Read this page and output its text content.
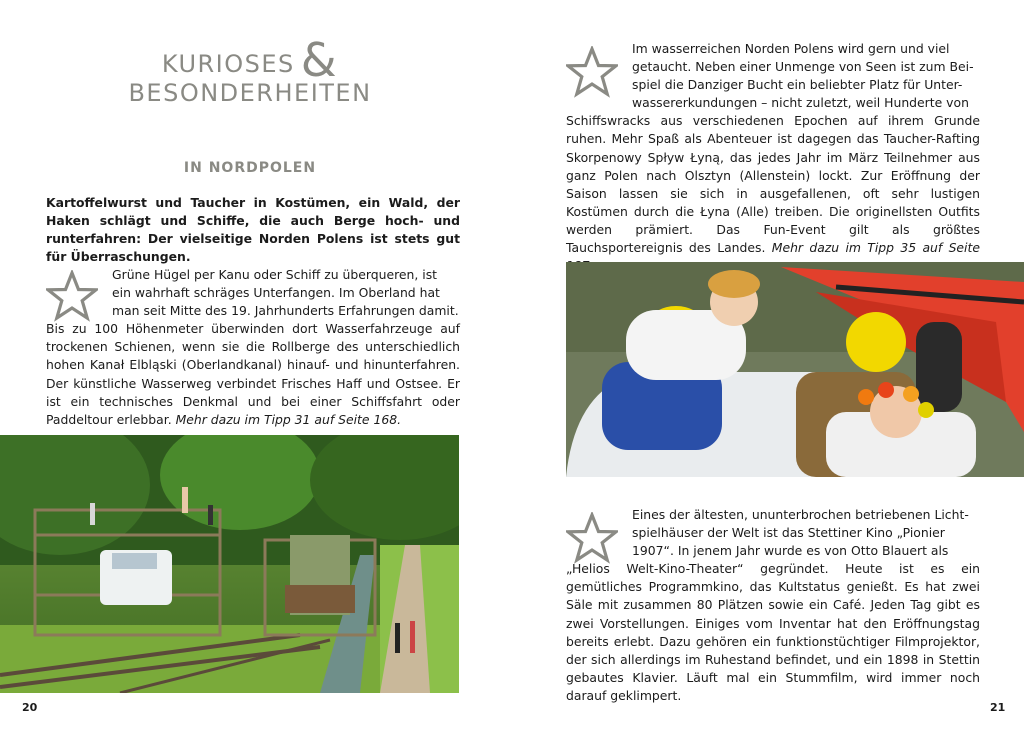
KURIOSES &
BESONDERHEITEN
IN NORDPOLEN

Kartoffelwurst und Taucher in Kostümen, ein Wald, der Haken schlägt und Schiffe, die auch Berge hoch- und runterfahren: Der vielseitige Norden Polens ist stets gut für Überraschungen.

Grüne Hügel per Kanu oder Schiff zu überqueren, ist
ein wahrhaft schräges Unterfangen. Im Oberland hat
man seit Mitte des 19. Jahrhunderts Erfahrungen damit.
Bis zu 100 Höhenmeter überwinden dort Wasserfahrzeuge auf trockenen Schienen, wenn sie die Rollberge des unterschiedlich hohen Kanał Elbląski (Oberlandkanal) hinauf- und hinunterfahren. Der künstliche Wasserweg verbindet Frisches Haff und Ostsee. Er ist ein technisches Denkmal und bei einer Schiffsfahrt oder Paddeltour erlebbar. Mehr dazu im Tipp 31 auf Seite 168.

20

Im wasserreichen Norden Polens wird gern und viel
getaucht. Neben einer Unmenge von Seen ist zum Bei-
spiel die Danziger Bucht ein beliebter Platz für Unter-
wassererkundungen – nicht zuletzt, weil Hunderte von
Schiffswracks aus verschiedenen Epochen auf ihrem Grunde ruhen. Mehr Spaß als Abenteuer ist dagegen das Taucher-Rafting Skorpenowy Spływ Łyną, das jedes Jahr im März Teilnehmer aus ganz Polen nach Olsztyn (Allenstein) lockt. Zur Eröffnung der Saison lassen sie sich in ausgefallenen, oft sehr lustigen Kostümen durch die Łyna (Alle) treiben. Die originellsten Outfits werden prämiert. Das Fun-Event gilt als größtes Tauchsportereignis des Landes. Mehr dazu im Tipp 35 auf Seite

Eines der ältesten, ununterbrochen betriebenen Licht-
spielhäuser der Welt ist das Stettiner Kino „Pionier
1907“. In jenem Jahr wurde es von Otto Blauert als
„Helios Welt-Kino-Theater“ gegründet. Heute ist es ein gemütliches Programmkino, das Kultstatus genießt. Es hat zwei Säle mit zusammen 80 Plätzen sowie ein Café. Jeden Tag gibt es zwei Vorstellungen. Einiges vom Inventar hat den Eröffnungstag bereits erlebt. Dazu gehören ein funktionstüchtiger Filmprojektor, der sich allerdings im Ruhestand befindet, und ein 1898 in Stettin gebautes Klavier. Läuft mal ein Stummfilm, wird immer noch darauf geklimpert.

21
